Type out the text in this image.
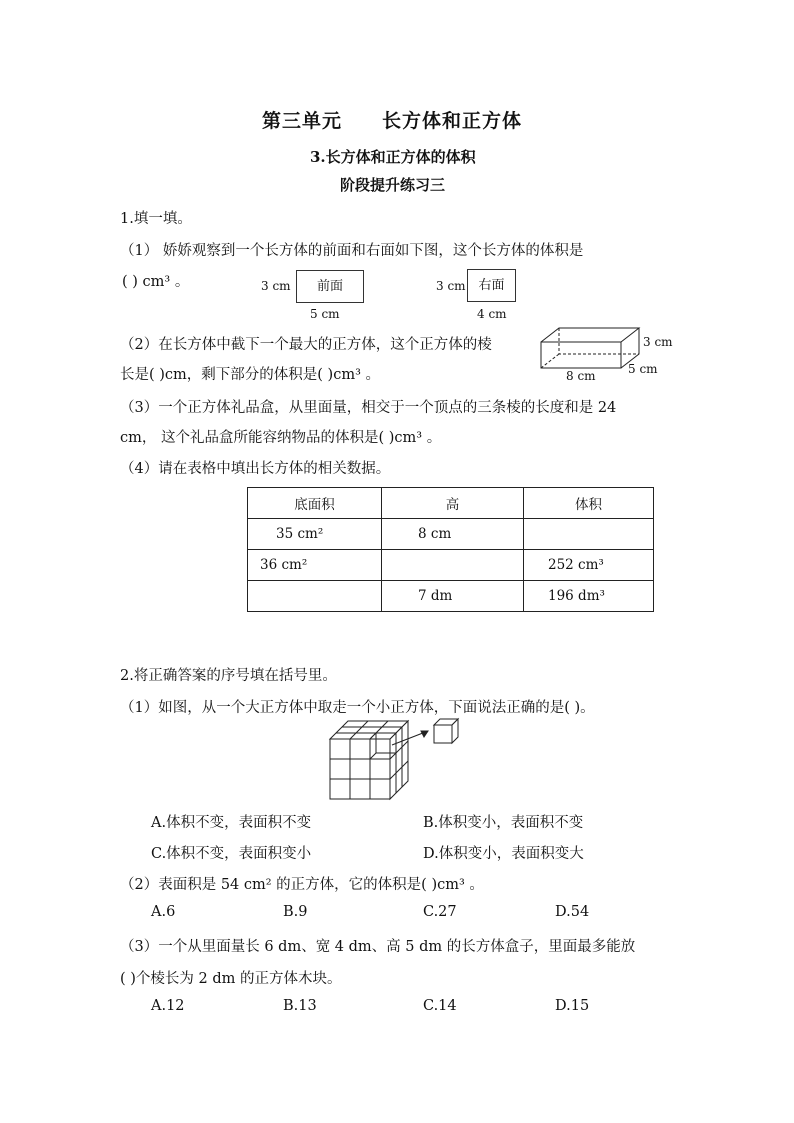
第三单元 长方体和正方体
3.长方体和正方体的体积
阶段提升练习三
1.填一填。
（1） 娇娇观察到一个长方体的前面和右面如下图，这个长方体的体积是
( ) cm³ 。	3 cm	前面
5 cm
3 cm 右面
4 cm
（2）在长方体中截下一个最大的正方体，这个正方体的棱
长是( )cm，剩下部分的体积是( )cm³ 。
3 cm
5 cm
8 cm
（3）一个正方体礼品盒，从里面量，相交于一个顶点的三条棱的长度和是 24
cm， 这个礼品盒所能容纳物品的体积是( )cm³ 。
（4）请在表格中填出长方体的相关数据。
底面积	高	体积
35 cm²	8 cm	
36 cm²		252 cm³
	7 dm	196 dm³
2.将正确答案的序号填在括号里。
（1）如图，从一个大正方体中取走一个小正方体，下面说法正确的是( )。
A.体积不变，表面积不变	B.体积变小，表面积不变
C.体积不变，表面积变小	D.体积变小，表面积变大
（2）表面积是 54 cm² 的正方体，它的体积是( )cm³ 。
A.6	B.9	C.27	D.54
（3）一个从里面量长 6 dm、宽 4 dm、高 5 dm 的长方体盒子，里面最多能放
( )个棱长为 2 dm 的正方体木块。
A.12	B.13	C.14	D.15
